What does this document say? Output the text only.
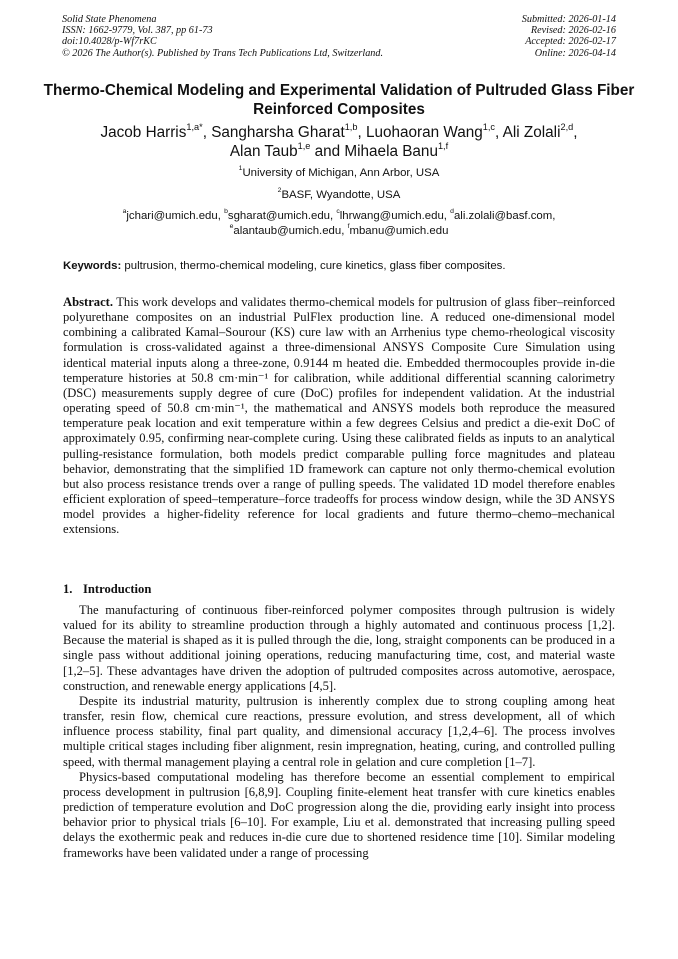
Solid State Phenomena
ISSN: 1662-9779, Vol. 387, pp 61-73
doi:10.4028/p-Wf7rKC
© 2026 The Author(s). Published by Trans Tech Publications Ltd, Switzerland.
Submitted: 2026-01-14
Revised: 2026-02-16
Accepted: 2026-02-17
Online: 2026-04-14
Thermo-Chemical Modeling and Experimental Validation of Pultruded Glass Fiber Reinforced Composites
Jacob Harris$^{1,a*}$, Sangharsha Gharat$^{1,b}$, Luohaoran Wang$^{1,c}$, Ali Zolali$^{2,d}$,
Alan Taub$^{1,e}$ and Mihaela Banu$^{1,f}$
$^1$University of Michigan, Ann Arbor, USA
$^2$BASF, Wyandotte, USA
$^a$jchari@umich.edu, $^b$sgharat@umich.edu, $^c$lhrwang@umich.edu, $^d$ali.zolali@basf.com,
$^e$alantaub@umich.edu, $^f$mbanu@umich.edu
Keywords: pultrusion, thermo-chemical modeling, cure kinetics, glass fiber composites.
Abstract. This work develops and validates thermo-chemical models for pultrusion of glass fiber–reinforced polyurethane composites on an industrial PulFlex production line. A reduced one-dimensional model combining a calibrated Kamal–Sourour (KS) cure law with an Arrhenius type chemo-rheological viscosity formulation is cross-validated against a three-dimensional ANSYS Composite Cure Simulation using identical material inputs along a three-zone, 0.9144 m heated die. Embedded thermocouples provide in-die temperature histories at 50.8 cm·min⁻¹ for calibration, while additional differential scanning calorimetry (DSC) measurements supply degree of cure (DoC) profiles for independent validation. At the industrial operating speed of 50.8 cm·min⁻¹, the mathematical and ANSYS models both reproduce the measured temperature peak location and exit temperature within a few degrees Celsius and predict a die-exit DoC of approximately 0.95, confirming near-complete curing. Using these calibrated fields as inputs to an analytical pulling-resistance formulation, both models predict comparable pulling force magnitudes and plateau behavior, demonstrating that the simplified 1D framework can capture not only thermo-chemical evolution but also process resistance trends over a range of pulling speeds. The validated 1D model therefore enables efficient exploration of speed–temperature–force tradeoffs for process window design, while the 3D ANSYS model provides a higher-fidelity reference for local gradients and future thermo–chemo–mechanical extensions.
1. Introduction

The manufacturing of continuous fiber-reinforced polymer composites through pultrusion is widely valued for its ability to streamline production through a highly automated and continuous process [1,2]. Because the material is shaped as it is pulled through the die, long, straight components can be produced in a single pass without additional joining operations, reducing manufacturing time, cost, and material waste [1,2–5]. These advantages have driven the adoption of pultruded composites across automotive, aerospace, construction, and renewable energy applications [4,5].

Despite its industrial maturity, pultrusion is inherently complex due to strong coupling among heat transfer, resin flow, chemical cure reactions, pressure evolution, and stress development, all of which influence process stability, final part quality, and dimensional accuracy [1,2,4–6]. The process involves multiple critical stages including fiber alignment, resin impregnation, heating, curing, and controlled pulling speed, with thermal management playing a central role in gelation and cure completion [1–7].

Physics-based computational modeling has therefore become an essential complement to empirical process development in pultrusion [6,8,9]. Coupling finite-element heat transfer with cure kinetics enables prediction of temperature evolution and DoC progression along the die, providing early insight into process behavior prior to physical trials [6–10]. For example, Liu et al. demonstrated that increasing pulling speed delays the exothermic peak and reduces in-die cure due to shortened residence time [10]. Similar modeling frameworks have been validated under a range of processing
